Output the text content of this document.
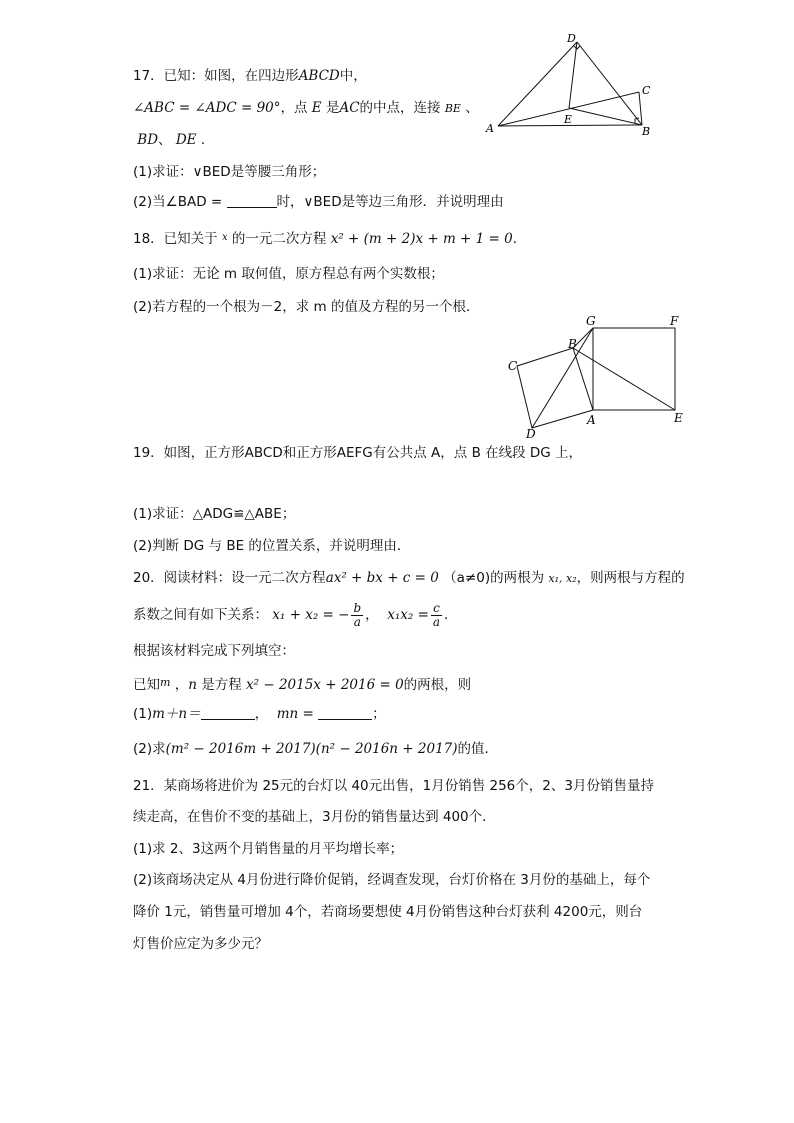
17．已知：如图，在四边形ABCD中，
∠ABC = ∠ADC = 90°，点 E 是AC的中点，连接 BE 、
BD、 DE ．
(1)求证：∨BED是等腰三角形；
(2)当∠BAD =	时，∨BED是等边三角形．并说明理由
D
C
E
A	B
18．已知关于 $^x$ 的一元二次方程 x² + (m + 2)x + m + 1 = 0．
(1)求证：无论 m 取何值，原方程总有两个实数根；
(2)若方程的一个根为－2，求 m 的值及方程的另一个根．
G	F
B
C
A	E
D
19．如图，正方形ABCD和正方形AEFG有公共点 A，点 B 在线段 DG 上，
(1)求证：△ADG≌△ABE；
(2)判断 DG 与 BE 的位置关系，并说明理由．
20．阅读材料：设一元二次方程ax² + bx + c = 0 （a≠0)的两根为 x₁, x₂，则两根与方程的
系数之间有如下关系： x₁ + x₂ = − $\frac{b}{a}$ ，  $x_1x_2 = \frac{c}{a}$ ．
根据该材料完成下列填空：
已知$^m$ ，n 是方程 x² − 2015x + 2016 = 0的两根，则
(1)m＋n＝	， mn =	；
(2)求(m² − 2016m + 2017)(n² − 2016n + 2017)的值．
21．某商场将进价为 25元的台灯以 40元出售，1月份销售 256个，2、3月份销售量持
续走高，在售价不变的基础上，3月份的销售量达到 400个．
(1)求 2、3这两个月销售量的月平均增长率；
(2)该商场决定从 4月份进行降价促销，经调查发现，台灯价格在 3月份的基础上，每个
降价 1元，销售量可增加 4个，若商场要想使 4月份销售这种台灯获利 4200元，则台
灯售价应定为多少元？
